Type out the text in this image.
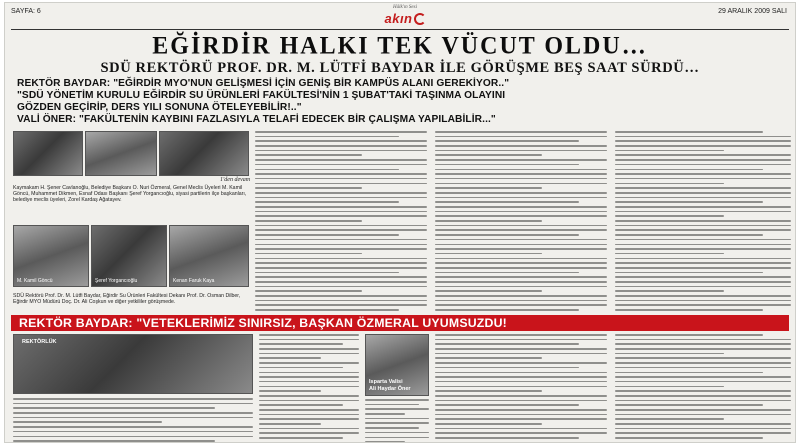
SAYFA: 6
Hâlk'ın Sesi
akın	29 ARALIK 2009 SALI
EĞİRDİR HALKI TEK VÜCUT OLDU…
SDÜ REKTÖRÜ PROF. DR. M. LÜTFİ BAYDAR İLE GÖRÜŞME BEŞ SAAT SÜRDÜ…
REKTÖR BAYDAR: "EĞİRDİR MYO'NUN GELİŞMESİ İÇİN GENİŞ BİR KAMPÜS ALANI GEREKİYOR.."
"SDÜ YÖNETİM KURULU EĞİRDİR SU ÜRÜNLERİ FAKÜLTESİ'NİN 1 ŞUBAT'TAKİ TAŞINMA OLAYINI
GÖZDEN GEÇİRİP, DERS YILI SONUNA ÖTELEYEBİLİR!.."
VALİ ÖNER: "FAKÜLTENİN KAYBINI FAZLASIYLA TELAFİ EDECEK BİR ÇALIŞMA YAPILABİLİR..."
1'den devam
Kaymakam H. Şener Cavlanoğlu, Belediye Başkanı O. Nuri Özmeral, Genel Meclis Üyeleri M. Kamil Göncü, Muhammet Dikmen, Esnaf Odası Başkanı Şeref Yorgancıoğlu, siyasi partilerin ilçe başkanları, belediye meclis üyeleri, Zorel Kardaş Ağatayev.
M. Kamil Göncü	Şeref Yorgancıoğlu	Kenan Faruk Kaya
SDÜ Rektörü Prof. Dr. M. Lütfi Baydar, Eğirdir Su Ürünleri Fakültesi Dekanı Prof. Dr. Osman Dilber, Eğirdir MYO Müdürü Doç. Dr. Ali Coşkun ve diğer yetkililer görüşmede.
REKTÖR BAYDAR: "VETEKLERİMİZ SINIRSIZ, BAŞKAN ÖZMERAL UYUMSUZDU!
REKTÖRLÜK
Isparta Valisi
Ali Haydar Öner
